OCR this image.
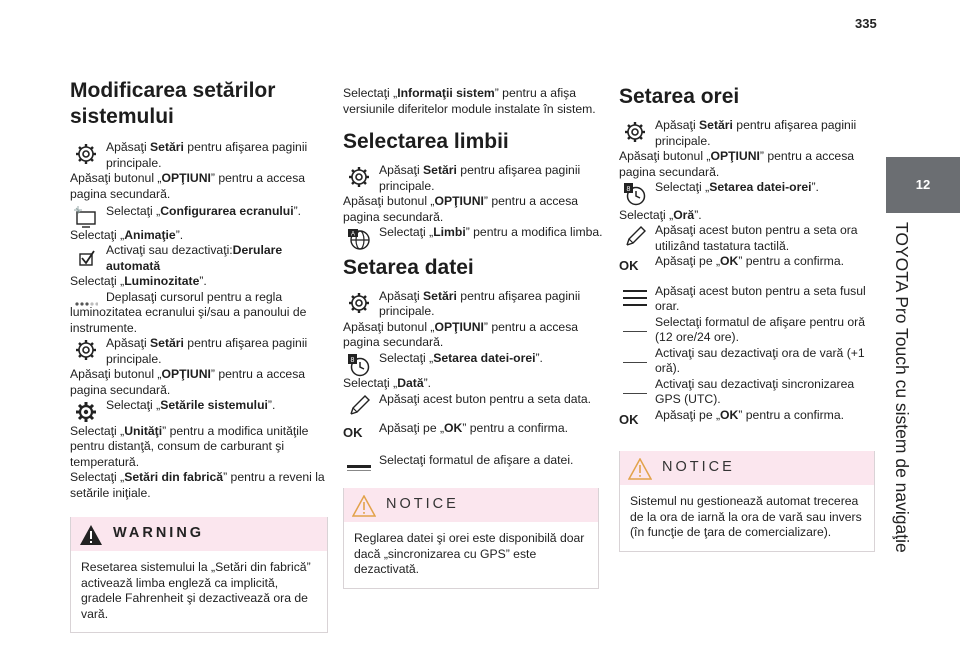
335
12
TOYOTA Pro Touch cu sistem de navigaţie
Modificarea setărilor sistemului

Apăsaţi Setări pentru afişarea paginii principale.

Apăsaţi butonul „OPŢIUNI” pentru a accesa pagina secundară.

Selectaţi „Configurarea ecranului”.

Selectaţi „Animaţie”.

Activaţi sau dezactivaţi:Derulare automată

Selectaţi „Luminozitate”.

Deplasaţi cursorul pentru a regla luminozitatea ecranului şi/sau a panoului de instrumente.

Apăsaţi Setări pentru afişarea paginii principale.

Apăsaţi butonul „OPŢIUNI” pentru a accesa pagina secundară.

Selectaţi „Setările sistemului”.

Selectaţi „Unităţi” pentru a modifica unităţile pentru distanţă, consum de carburant şi temperatură.

Selectaţi „Setări din fabrică” pentru a reveni la setările iniţiale.

WARNING
Resetarea sistemului la „Setări din fabrică” activează limba engleză ca implicită, gradele Fahrenheit şi dezactivează ora de vară.

Selectaţi „Informaţii sistem” pentru a afişa versiunile diferitelor module instalate în sistem.

Selectarea limbii

Apăsaţi Setări pentru afişarea paginii principale.

Apăsaţi butonul „OPŢIUNI” pentru a accesa pagina secundară.

A Selectaţi „Limbi” pentru a modifica limba.

Setarea datei

Apăsaţi Setări pentru afişarea paginii principale.

Apăsaţi butonul „OPŢIUNI” pentru a accesa pagina secundară.

8 Selectaţi „Setarea datei-orei”.

Selectaţi „Dată”.

Apăsaţi acest buton pentru a seta data.

OK Apăsaţi pe „OK” pentru a confirma.

Selectaţi formatul de afişare a datei.

NOTICE
Reglarea datei şi orei este disponibilă doar dacă „sincronizarea cu GPS” este dezactivată.
Setarea orei

Apăsaţi Setări pentru afişarea paginii principale.

Apăsaţi butonul „OPŢIUNI” pentru a accesa pagina secundară.

8 Selectaţi „Setarea datei-orei”.

Selectaţi „Oră”.

Apăsaţi acest buton pentru a seta ora utilizând tastatura tactilă.

OK Apăsaţi pe „OK” pentru a confirma.

Apăsaţi acest buton pentru a seta fusul orar.

Selectaţi formatul de afişare pentru oră (12 ore/24 ore).

Activaţi sau dezactivaţi ora de vară (+1 oră).

Activaţi sau dezactivaţi sincronizarea GPS (UTC).

OK Apăsaţi pe „OK” pentru a confirma.

NOTICE
Sistemul nu gestionează automat trecerea de la ora de iarnă la ora de vară sau invers (în funcţie de ţara de comercializare).
